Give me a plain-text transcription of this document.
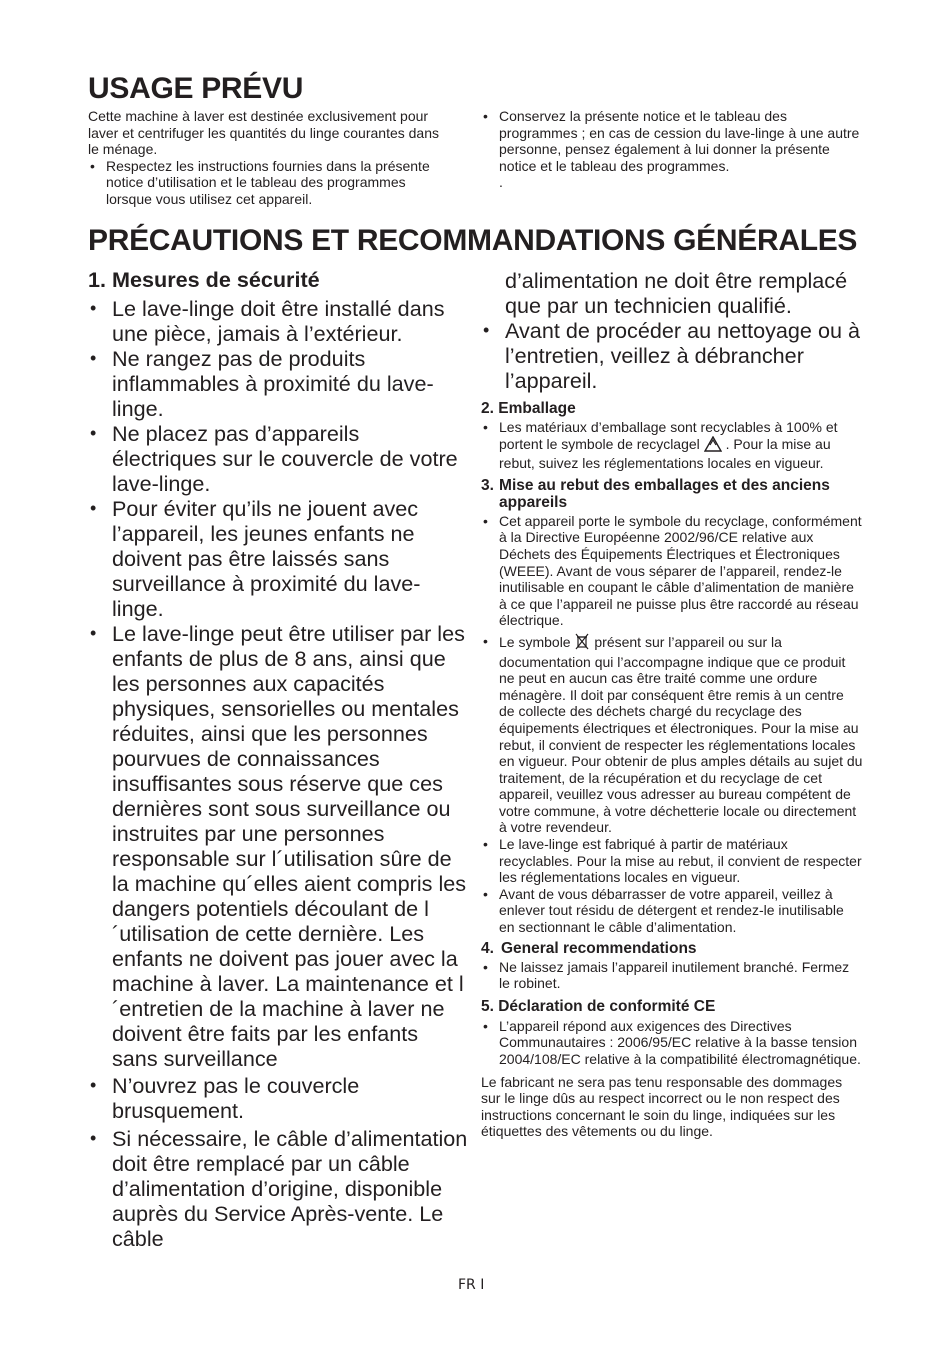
USAGE PRÉVU
Cette machine à laver est destinée exclusivement pour laver et centrifuger les quantités du linge courantes dans le ménage.
• Respectez les instructions fournies dans la présente notice d’utilisation et le tableau des programmes lorsque vous utilisez cet appareil.
• Conservez la présente notice et le tableau des programmes ; en cas de cession du lave-linge à une autre personne, pensez également à lui donner la présente notice et le tableau des programmes.
.
PRÉCAUTIONS ET RECOMMANDATIONS GÉNÉRALES
1. Mesures de sécurité
• Le lave-linge doit être installé dans une pièce, jamais à l’extérieur.
• Ne rangez pas de produits inflammables à proximité du lave-linge.
• Ne placez pas d’appareils électriques sur le couvercle de votre lave-linge.
• Pour éviter qu’ils ne jouent avec l’appareil, les jeunes enfants ne doivent pas être laissés sans surveillance à proximité du lave- linge.
• Le lave-linge peut être utiliser par les enfants de plus de 8 ans, ainsi que les personnes aux capacités physiques, sensorielles ou mentales réduites, ainsi que les personnes pourvues de connaissances insuffisantes sous réserve que ces dernières sont sous surveillance ou instruites par une personnes responsable sur l´utilisation sûre de la machine qu´elles aient compris les dangers potentiels découlant de l´utilisation de cette dernière. Les enfants ne doivent pas jouer avec la machine à laver. La maintenance et l´entretien de la machine à laver ne doivent être faits par les enfants sans surveillance
• N’ouvrez pas le couvercle brusquement.
• Si nécessaire, le câble d’alimentation doit être remplacé par un câble d’alimentation d’origine, disponible auprès du Service Après-vente. Le câble
d’alimentation ne doit être remplacé que par un technicien qualifié.
• Avant de procéder au nettoyage ou à l’entretien, veillez à débrancher l’appareil.
2. Emballage
• Les matériaux d’emballage sont recyclables à 100% et portent le symbole de recyclagel . Pour la mise au rebut, suivez les réglementations locales en vigueur.
3. Mise au rebut des emballages et des anciens appareils
• Cet appareil porte le symbole du recyclage, conformément à la Directive Européenne 2002/96/CE relative aux Déchets des Équipements Électriques et Électroniques (WEEE). Avant de vous séparer de l’appareil, rendez-le inutilisable en coupant le câble d’alimentation de manière à ce que l’appareil ne puisse plus être raccordé au réseau électrique.
• Le symbole présent sur l’appareil ou sur la documentation qui l’accompagne indique que ce produit ne peut en aucun cas être traité comme une ordure ménagère. Il doit par conséquent être remis à un centre de collecte des déchets chargé du recyclage des équipements électriques et électroniques. Pour la mise au rebut, il convient de respecter les réglementations locales en vigueur. Pour obtenir de plus amples détails au sujet du traitement, de la récupération et du recyclage de cet appareil, veuillez vous adresser au bureau compétent de votre commune, à votre déchetterie locale ou directement à votre revendeur.
• Le lave-linge est fabriqué à partir de matériaux recyclables. Pour la mise au rebut, il convient de respecter les réglementations locales en vigueur.
• Avant de vous débarrasser de votre appareil, veillez à enlever tout résidu de détergent et rendez-le inutilisable en sectionnant le câble d’alimentation.
4. General recommendations
• Ne laissez jamais l’appareil inutilement branché. Fermez le robinet.
5. Déclaration de conformité CE
• L’appareil répond aux exigences des Directives Communautaires : 2006/95/EC relative à la basse tension 2004/108/EC relative à la compatibilité électromagnétique.
Le fabricant ne sera pas tenu responsable des dommages sur le linge dûs au respect incorrect ou le non respect des instructions concernant le soin du linge, indiquées sur les étiquettes des vêtements ou du linge.
FR I
